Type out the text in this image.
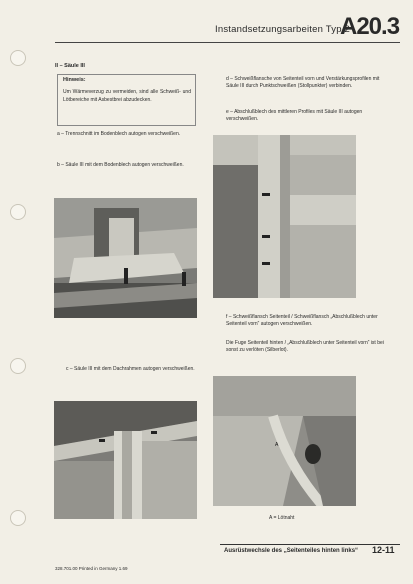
Instandsetzungsarbeiten Typ 2
A20.3
II – Säule III
Hinweis:
Um Wärmeverzug zu vermeiden, sind alle Schweiß- und Lötbereiche mit Asbestbrei abzudecken.
a – Trennschnitt im Bodenblech autogen verschweißen.
b – Säule III mit dem Bodenblech autogen verschweißen.
d – Schweißflansche von Seitenteil vorn und Verstärkungsprofilen mit Säule III durch Punktschweißen (Stollpunkter) verbinden.
e – Abschlußblech des mittleren Profiles mit Säule III autogen verschweißen.
f – Schweißflansch Seitenteil / Schweißflansch „Abschlußblech unter Seitenteil vorn“ autogen verschweißen.
Die Fuge Seitenteil hinten / „Abschlußblech unter Seitenteil vorn“ ist bei sonst zu verlöten (Silberlot).
c – Säule III mit dem Dachrahmen autogen verschweißen.
A
A = Lötnaht
Ausrüstwechsle des „Seitenteiles hinten links“ 12-11
328.701.00 Printed in Germany 1.69
